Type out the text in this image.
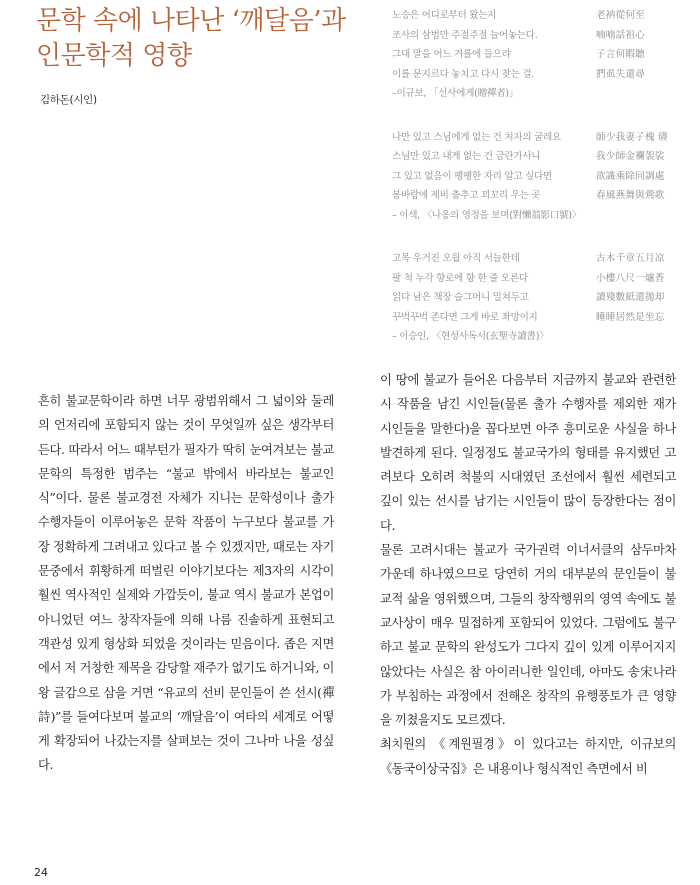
문학 속에 나타난 ‘깨달음’과
인문학적 영향
김하돈(시인)
노승은 어디로부터 왔는지	老衲從何至
조사의 삼법만 주절주절 늘어놓는다.	喃喃話祖心
그대 말을 어느 겨를에 들으랴	子言何暇聽
이를 문지르다 놓치고 다시 찾는 걸.	捫虱失還尋
–이규보, 「선사에게(贈禪者)」
나만 있고 스님에게 없는 건 처자의 굴레요	師少我妻子槐 瓙
스님만 있고 내게 없는 건 금란가사니	我少師金襴袈裟
그 있고 없음이 팽팽한 자리 알고 싶다면	欲識乘除同調處
봄바람에 제비 춤추고 꾀꼬리 우는 곳	春風燕舞與鶯歌
– 이색, 〈나옹의 영정을 보며(對懶翁影口號)〉
고목 우거진 오월 아직 서늘한데	古木千章五月凉
팔 척 누각 향로에 향 한 줄 오른다	小樓八尺一爐香
읽다 남은 책장 슬그머니 밀쳐두고	讀殘數紙還拋却
꾸벅꾸벅 존다면 그게 바로 좌망이지	睡睡居然是坐忘
– 이승인, 〈현성사독서(玄聖寺讀書)〉

흔히 불교문학이라 하면 너무 광범위해서 그 넓이와 둘레의 언저리에 포함되지 않는 것이 무엇일까 싶은 생각부터 든다. 따라서 어느 때부턴가 필자가 딱히 눈여겨보는 불교문학의 특정한 범주는 “불교 밖에서 바라보는 불교인식”이다. 물론 불교경전 자체가 지니는 문학성이나 출가 수행자들이 이루어놓은 문학 작품이 누구보다 불교를 가장 정확하게 그려내고 있다고 볼 수 있겠지만, 때로는 자기 문중에서 휘황하게 떠벌린 이야기보다는 제3자의 시각이 훨씬 역사적인 실제와 가깝듯이, 불교 역시 불교가 본업이 아니었던 여느 창작자들에 의해 나름 진솔하게 표현되고 객관성 있게 형상화 되었을 것이라는 믿음이다. 좁은 지면에서 저 거창한 제목을 감당할 재주가 없기도 하거니와, 이왕 글감으로 삼을 거면 “유교의 선비 문인들이 쓴 선시(禪詩)”를 들여다보며 불교의 ‘깨달음’이 여타의 세계로 어떻게 확장되어 나갔는지를 살펴보는 것이 그나마 나을 성싶다.

이 땅에 불교가 들어온 다음부터 지금까지 불교와 관련한 시 작품을 남긴 시인들(물론 출가 수행자를 제외한 재가 시인들을 말한다)을 꼽다보면 아주 흥미로운 사실을 하나 발견하게 된다. 일정정도 불교국가의 형태를 유지했던 고려보다 오히려 척불의 시대였던 조선에서 훨씬 세련되고 깊이 있는 선시를 남기는 시인들이 많이 등장한다는 점이다.

물론 고려시대는 불교가 국가권력 이너서클의 삼두마차 가운데 하나였으므로 당연히 거의 대부분의 문인들이 불교적 삶을 영위했으며, 그들의 창작행위의 영역 속에도 불교사상이 매우 밀접하게 포함되어 있었다. 그럼에도 불구하고 불교 문학의 완성도가 그다지 깊이 있게 이루어지지 않았다는 사실은 참 아이러니한 일인데, 아마도 송宋나라가 부침하는 과정에서 전해온 창작의 유행풍토가 큰 영향을 끼쳤을지도 모르겠다.

최치원의 《계원필경》이 있다고는 하지만, 이규보의 《동국이상국집》은 내용이나 형식적인 측면에서 비

24
